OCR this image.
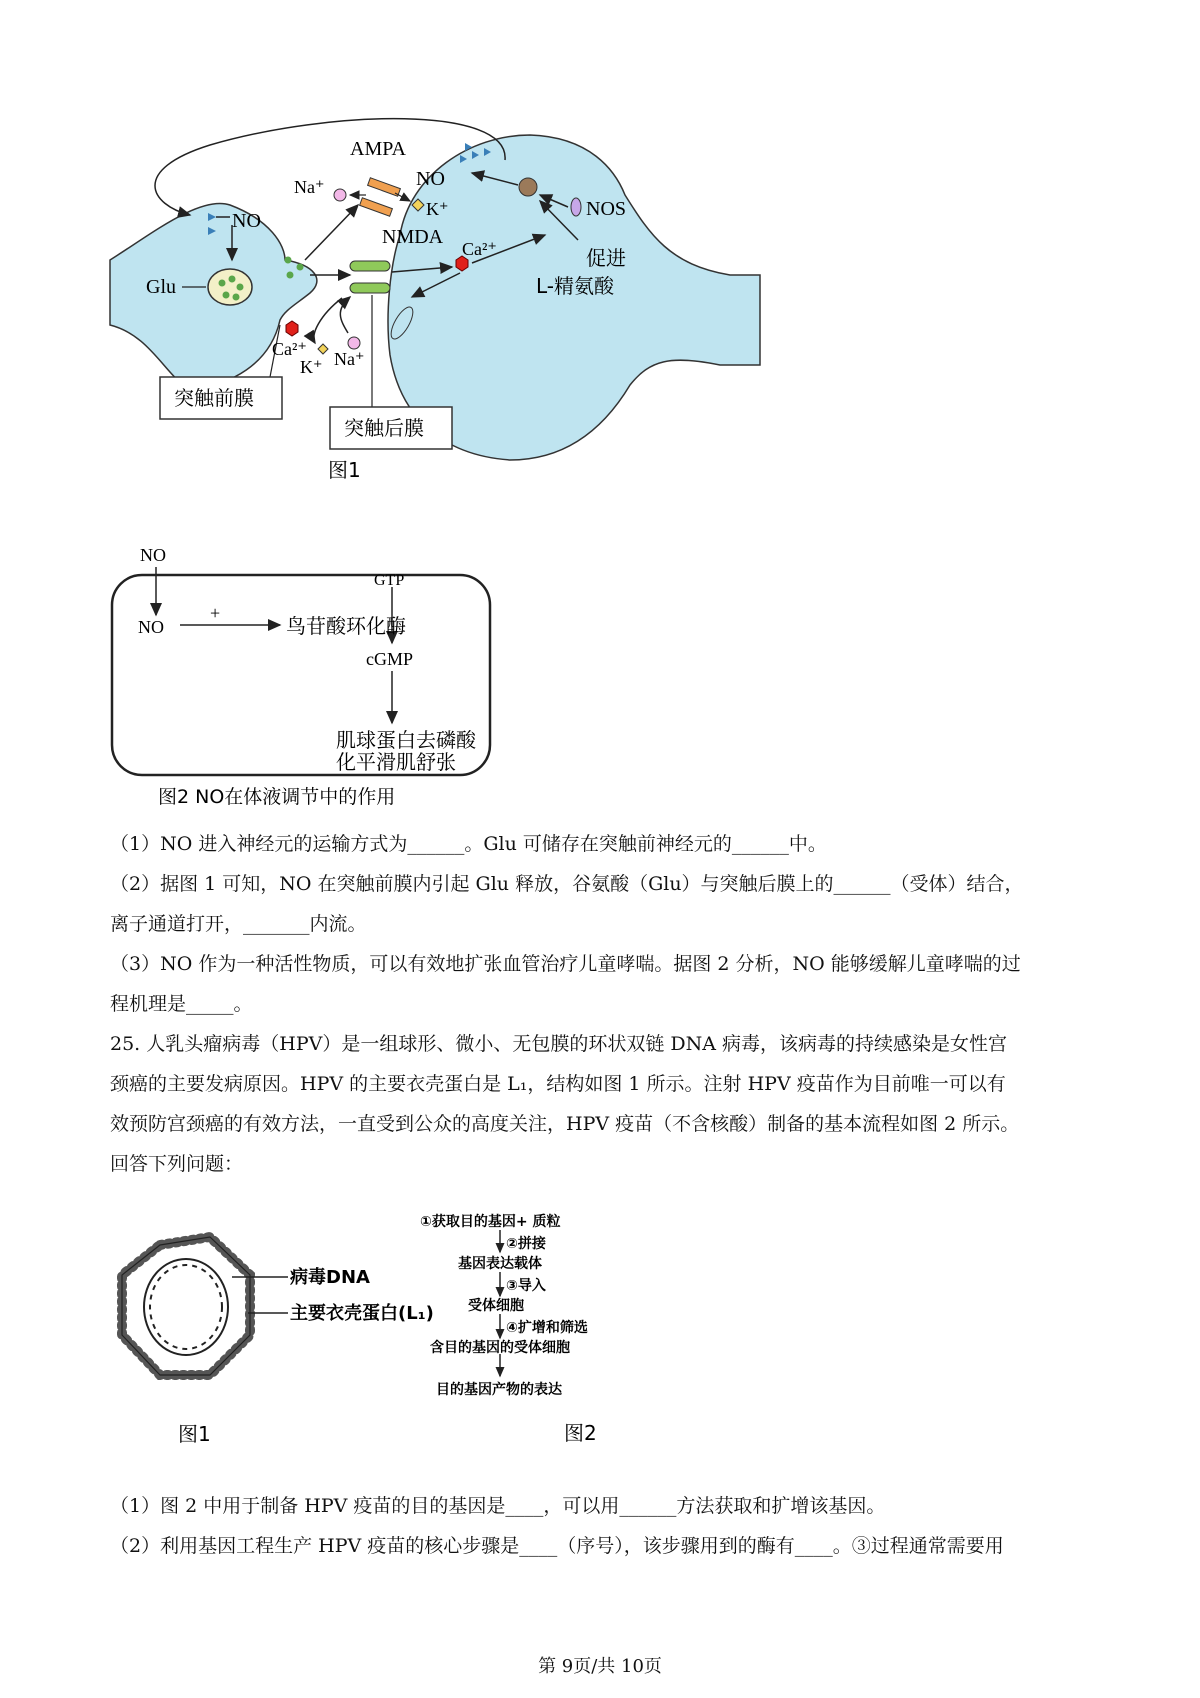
AMPA
Na⁺
K⁺
NO
NOS
NO
NMDA
Ca²⁺	促进
L-精氨酸
Glu
Ca²⁺
K⁺ Na⁺
突触前膜
突触后膜
图1
NO
NO
+
鸟苷酸环化酶
GTP
cGMP
肌球蛋白去磷酸
化平滑肌舒张
图2 NO在体液调节中的作用
（1）NO 进入神经元的运输方式为______。Glu 可储存在突触前神经元的______中。
（2）据图 1 可知，NO 在突触前膜内引起 Glu 释放，谷氨酸（Glu）与突触后膜上的______（受体）结合，
离子通道打开，_______内流。
（3）NO 作为一种活性物质，可以有效地扩张血管治疗儿童哮喘。据图 2 分析，NO 能够缓解儿童哮喘的过
程机理是_____。
25. 人乳头瘤病毒（HPV）是一组球形、微小、无包膜的环状双链 DNA 病毒，该病毒的持续感染是女性宫
颈癌的主要发病原因。HPV 的主要衣壳蛋白是 L₁，结构如图 1 所示。注射 HPV 疫苗作为目前唯一可以有
效预防宫颈癌的有效方法，一直受到公众的高度关注，HPV 疫苗（不含核酸）制备的基本流程如图 2 所示。
回答下列问题：
病毒DNA
主要衣壳蛋白(L₁)
图1
①获取目的基因+ 质粒
②拼接
基因表达载体
③导入
受体细胞
④扩增和筛选
含目的基因的受体细胞
目的基因产物的表达
图2
（1）图 2 中用于制备 HPV 疫苗的目的基因是____，可以用______方法获取和扩增该基因。
（2）利用基因工程生产 HPV 疫苗的核心步骤是____（序号），该步骤用到的酶有____。③过程通常需要用
第 9页/共 10页
